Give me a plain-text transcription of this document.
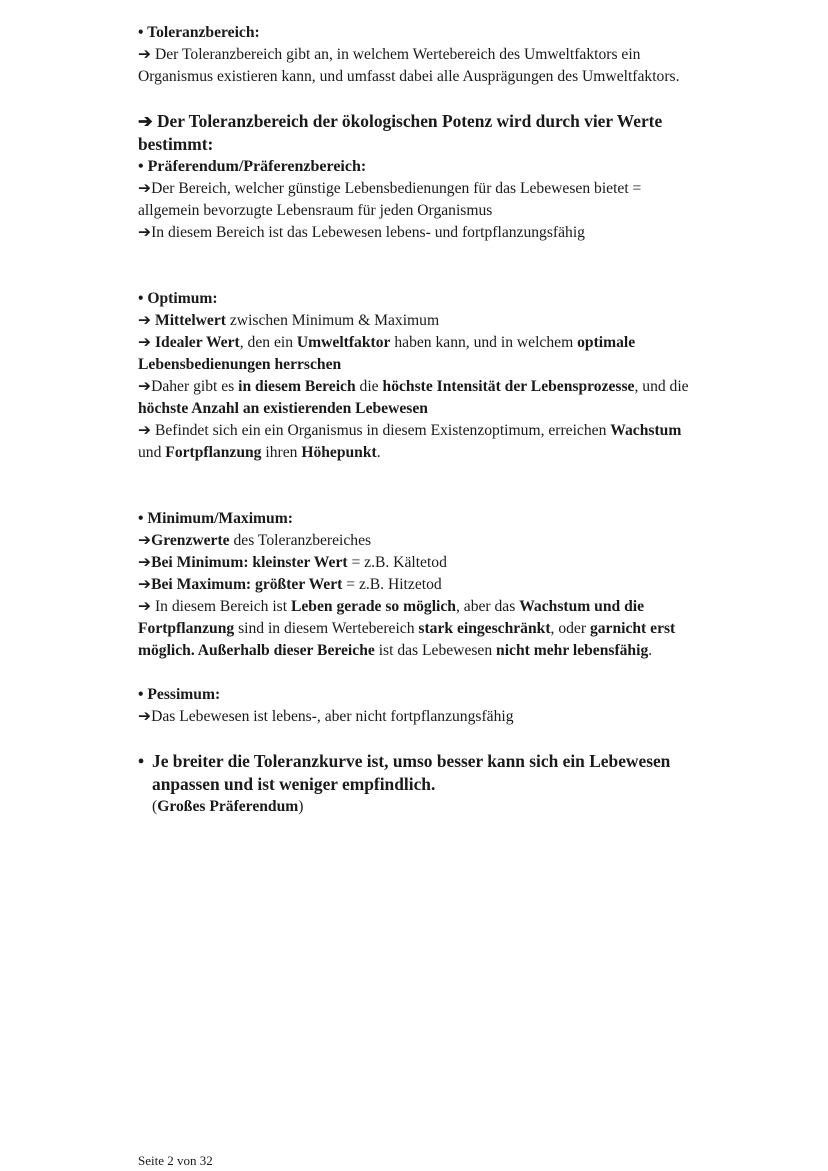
• Toleranzbereich:

➔ Der Toleranzbereich gibt an, in welchem Wertebereich des Umweltfaktors ein Organismus existieren kann, und umfasst dabei alle Ausprägungen des Umweltfaktors.

➔ Der Toleranzbereich der ökologischen Potenz wird durch vier Werte bestimmt:

• Präferendum/Präferenzbereich:

➔Der Bereich, welcher günstige Lebensbedienungen für das Lebewesen bietet = allgemein bevorzugte Lebensraum für jeden Organismus

➔In diesem Bereich ist das Lebewesen lebens- und fortpflanzungsfähig

• Optimum:

➔ Mittelwert zwischen Minimum & Maximum

➔ Idealer Wert, den ein Umweltfaktor haben kann, und in welchem optimale Lebensbedienungen herrschen

➔Daher gibt es in diesem Bereich die höchste Intensität der Lebensprozesse, und die höchste Anzahl an existierenden Lebewesen

➔ Befindet sich ein ein Organismus in diesem Existenzoptimum, erreichen Wachstum und Fortpflanzung ihren Höhepunkt.

• Minimum/Maximum:

➔Grenzwerte des Toleranzbereiches

➔Bei Minimum: kleinster Wert = z.B. Kältetod

➔Bei Maximum: größter Wert = z.B. Hitzetod

➔ In diesem Bereich ist Leben gerade so möglich, aber das Wachstum und die Fortpflanzung sind in diesem Wertebereich stark eingeschränkt, oder garnicht erst möglich. Außerhalb dieser Bereiche ist das Lebewesen nicht mehr lebensfähig.

• Pessimum:

➔Das Lebewesen ist lebens-, aber nicht fortpflanzungsfähig

• Je breiter die Toleranzkurve ist, umso besser kann sich ein Lebewesen anpassen und ist weniger empfindlich.

(Großes Präferendum)

Seite 2 von 32
